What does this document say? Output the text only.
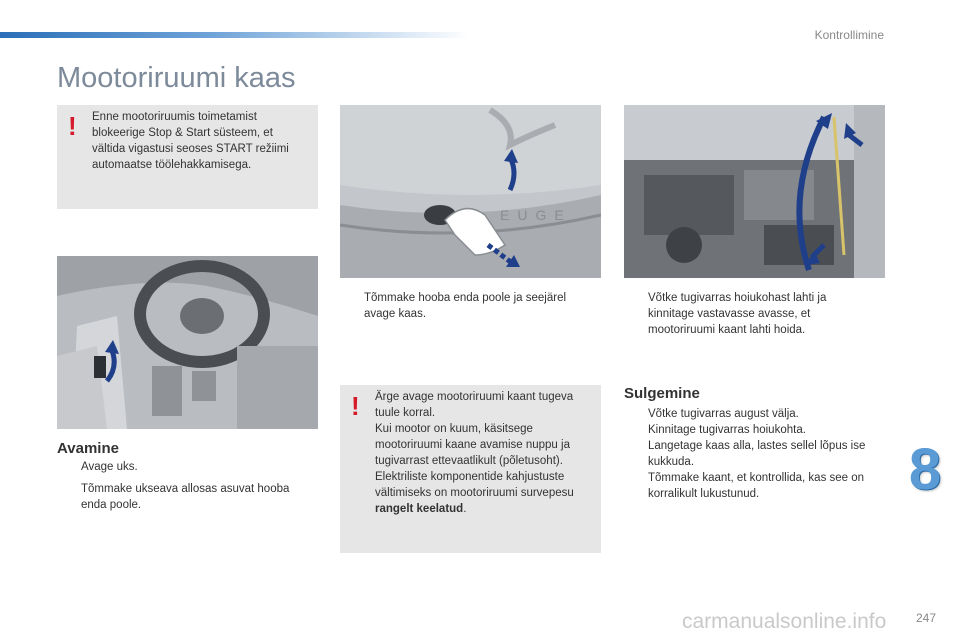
Kontrollimine
Mootoriruumi kaas
! Enne mootoriruumis toimetamist
blokeerige Stop & Start süsteem, et
vältida vigastusi seoses START režiimi
automaatse töölehakkamisega.
Avamine
Avage uks.
Tõmmake ukseava allosas asuvat hooba enda poole.
EUGE
Tõmmake hooba enda poole ja seejärel avage kaas.
! Ärge avage mootoriruumi kaant tugeva
tuule korral.
Kui mootor on kuum, käsitsege
mootoriruumi kaane avamise nuppu ja
tugivarrast ettevaatlikult (põletusoht).
Elektriliste komponentide kahjustuste
vältimiseks on mootoriruumi survepesu
rangelt keelatud.
Võtke tugivarras hoiukohast lahti ja kinnitage vastavasse avasse, et mootoriruumi kaant lahti hoida.
Sulgemine
Võtke tugivarras august välja.
Kinnitage tugivarras hoiukohta.
Langetage kaas alla, lastes sellel lõpus ise kukkuda.
Tõmmake kaant, et kontrollida, kas see on korralikult lukustunud.	8
carmanualsonline.info 247
